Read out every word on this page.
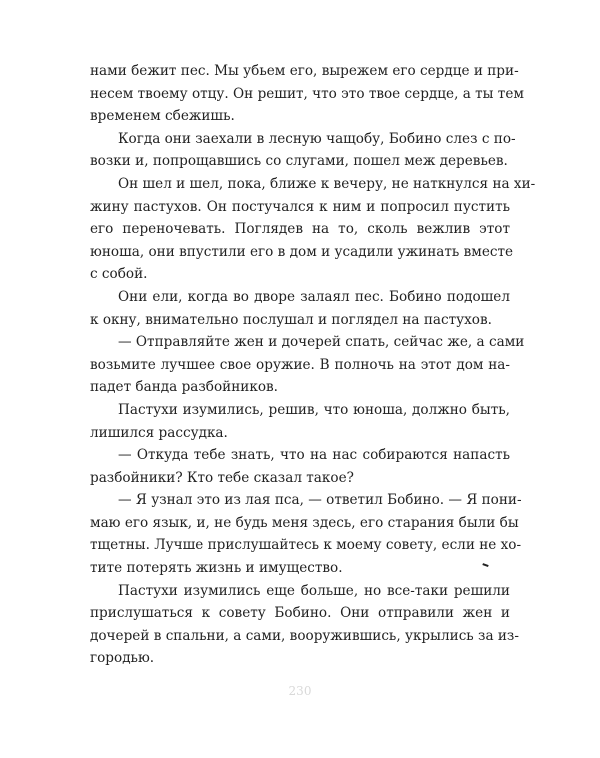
нами бежит пес. Мы убьем его, вырежем его сердце и при-
несем твоему отцу. Он решит, что это твое сердце, а ты тем
временем сбежишь.
Когда они заехали в лесную чащобу, Бобино слез с по-
возки и, попрощавшись со слугами, пошел меж деревьев.
Он шел и шел, пока, ближе к вечеру, не наткнулся на хи-
жину пастухов. Он постучался к ним и попросил пустить
его переночевать. Поглядев на то, сколь вежлив этот
юноша, они впустили его в дом и усадили ужинать вместе
с собой.
Они ели, когда во дворе залаял пес. Бобино подошел
к окну, внимательно послушал и поглядел на пастухов.
— Отправляйте жен и дочерей спать, сейчас же, а сами
возьмите лучшее свое оружие. В полночь на этот дом на-
падет банда разбойников.
Пастухи изумились, решив, что юноша, должно быть,
лишился рассудка.
— Откуда тебе знать, что на нас собираются напасть
разбойники? Кто тебе сказал такое?
— Я узнал это из лая пса, — ответил Бобино. — Я пони-
маю его язык, и, не будь меня здесь, его старания были бы
тщетны. Лучше прислушайтесь к моему совету, если не хо-
тите потерять жизнь и имущество.
Пастухи изумились еще больше, но все-таки решили
прислушаться к совету Бобино. Они отправили жен и
дочерей в спальни, а сами, вооружившись, укрылись за из-
городью.
230
